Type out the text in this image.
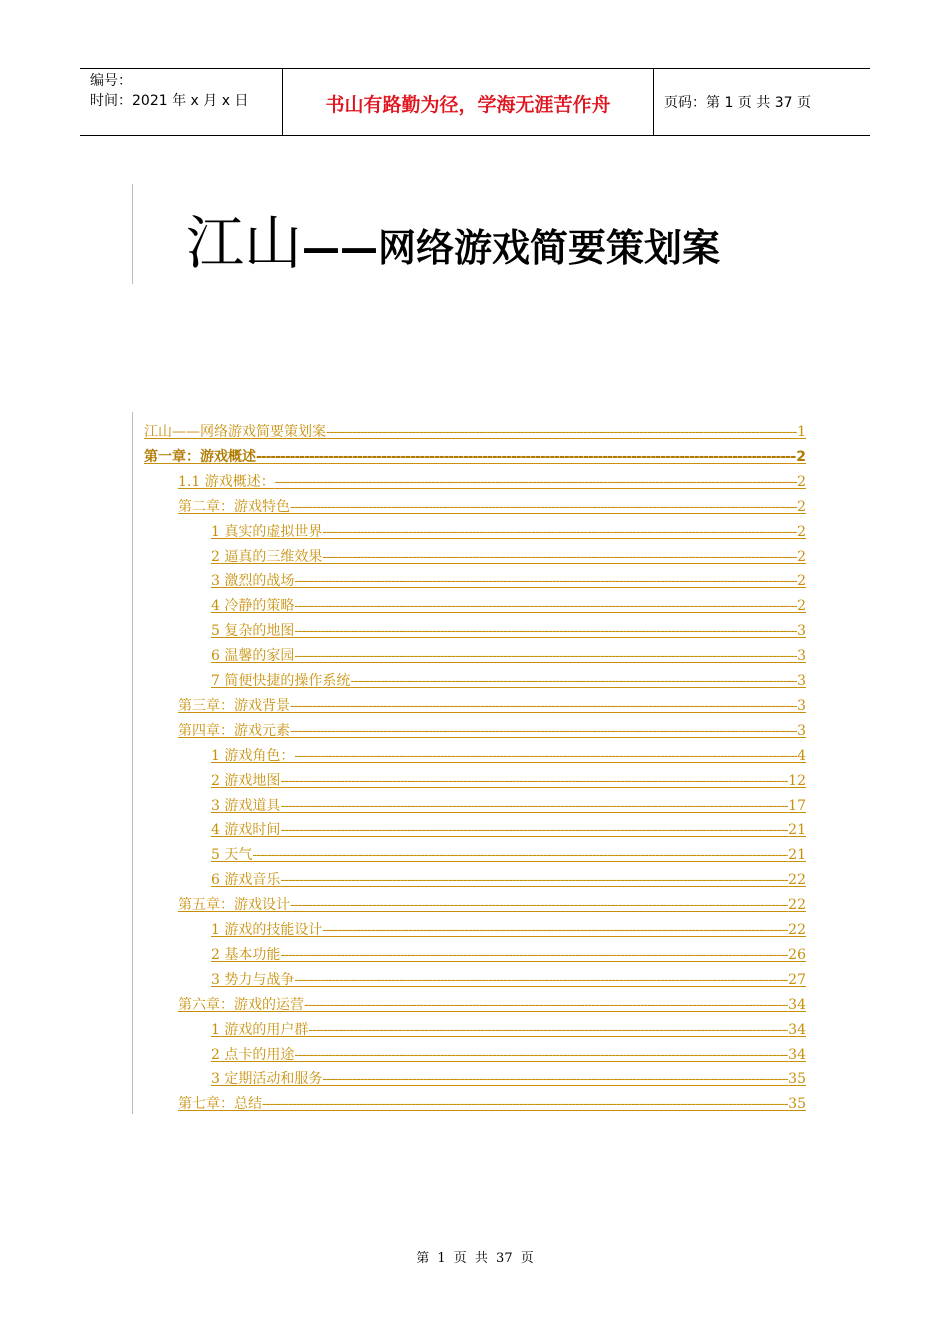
编号：
时间：2021 年 x 月 x 日	书山有路勤为径，学海无涯苦作舟	页码：第 1 页 共 37 页
江山——网络游戏简要策划案
江山——网络游戏简要策划案 -----	1
第一章：游戏概述 -----	2
1.1 游戏概述： -----	2
第二章：游戏特色 -----	2
1 真实的虚拟世界 -----	2
2 逼真的三维效果 -----	2
3 激烈的战场 -----	2
4 冷静的策略 -----	2
5 复杂的地图 -----	3
6 温馨的家园 -----	3
7 简便快捷的操作系统 -----	3
第三章：游戏背景 -----	3
第四章：游戏元素 -----	3
1 游戏角色： -----	4
2 游戏地图 -----	12
3 游戏道具 -----	17
4 游戏时间 -----	21
5 天气 -----	21
6 游戏音乐 -----	22
第五章：游戏设计 -----	22
1 游戏的技能设计 -----	22
2 基本功能 -----	26
3 势力与战争 -----	27
第六章：游戏的运营 -----	34
1 游戏的用户群 -----	34
2 点卡的用途 -----	34
3 定期活动和服务 -----	35
第七章：总结 -----	35
第 1 页 共 37 页
